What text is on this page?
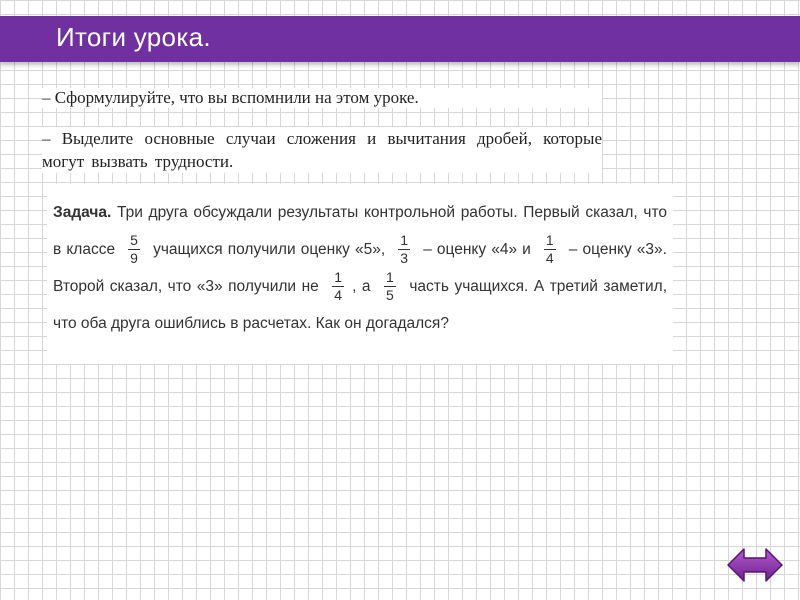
Итоги урока.
– Сформулируйте, что вы вспомнили на этом уроке.
– Выделите основные случаи сложения и вычитания дробей, которые могут вызвать трудности.
Задача. Три друга обсуждали результаты контрольной работы. Первый сказал, что в классе $\frac{5}{9}$ учащихся получили оценку «5», $\frac{1}{3}$ – оценку «4» и $\frac{1}{4}$ – оценку «3». Второй сказал, что «3» получили не $\frac{1}{4}$ , а $\frac{1}{5}$ часть учащихся. А третий заметил, что оба друга ошиблись в расчетах. Как он догадался?
